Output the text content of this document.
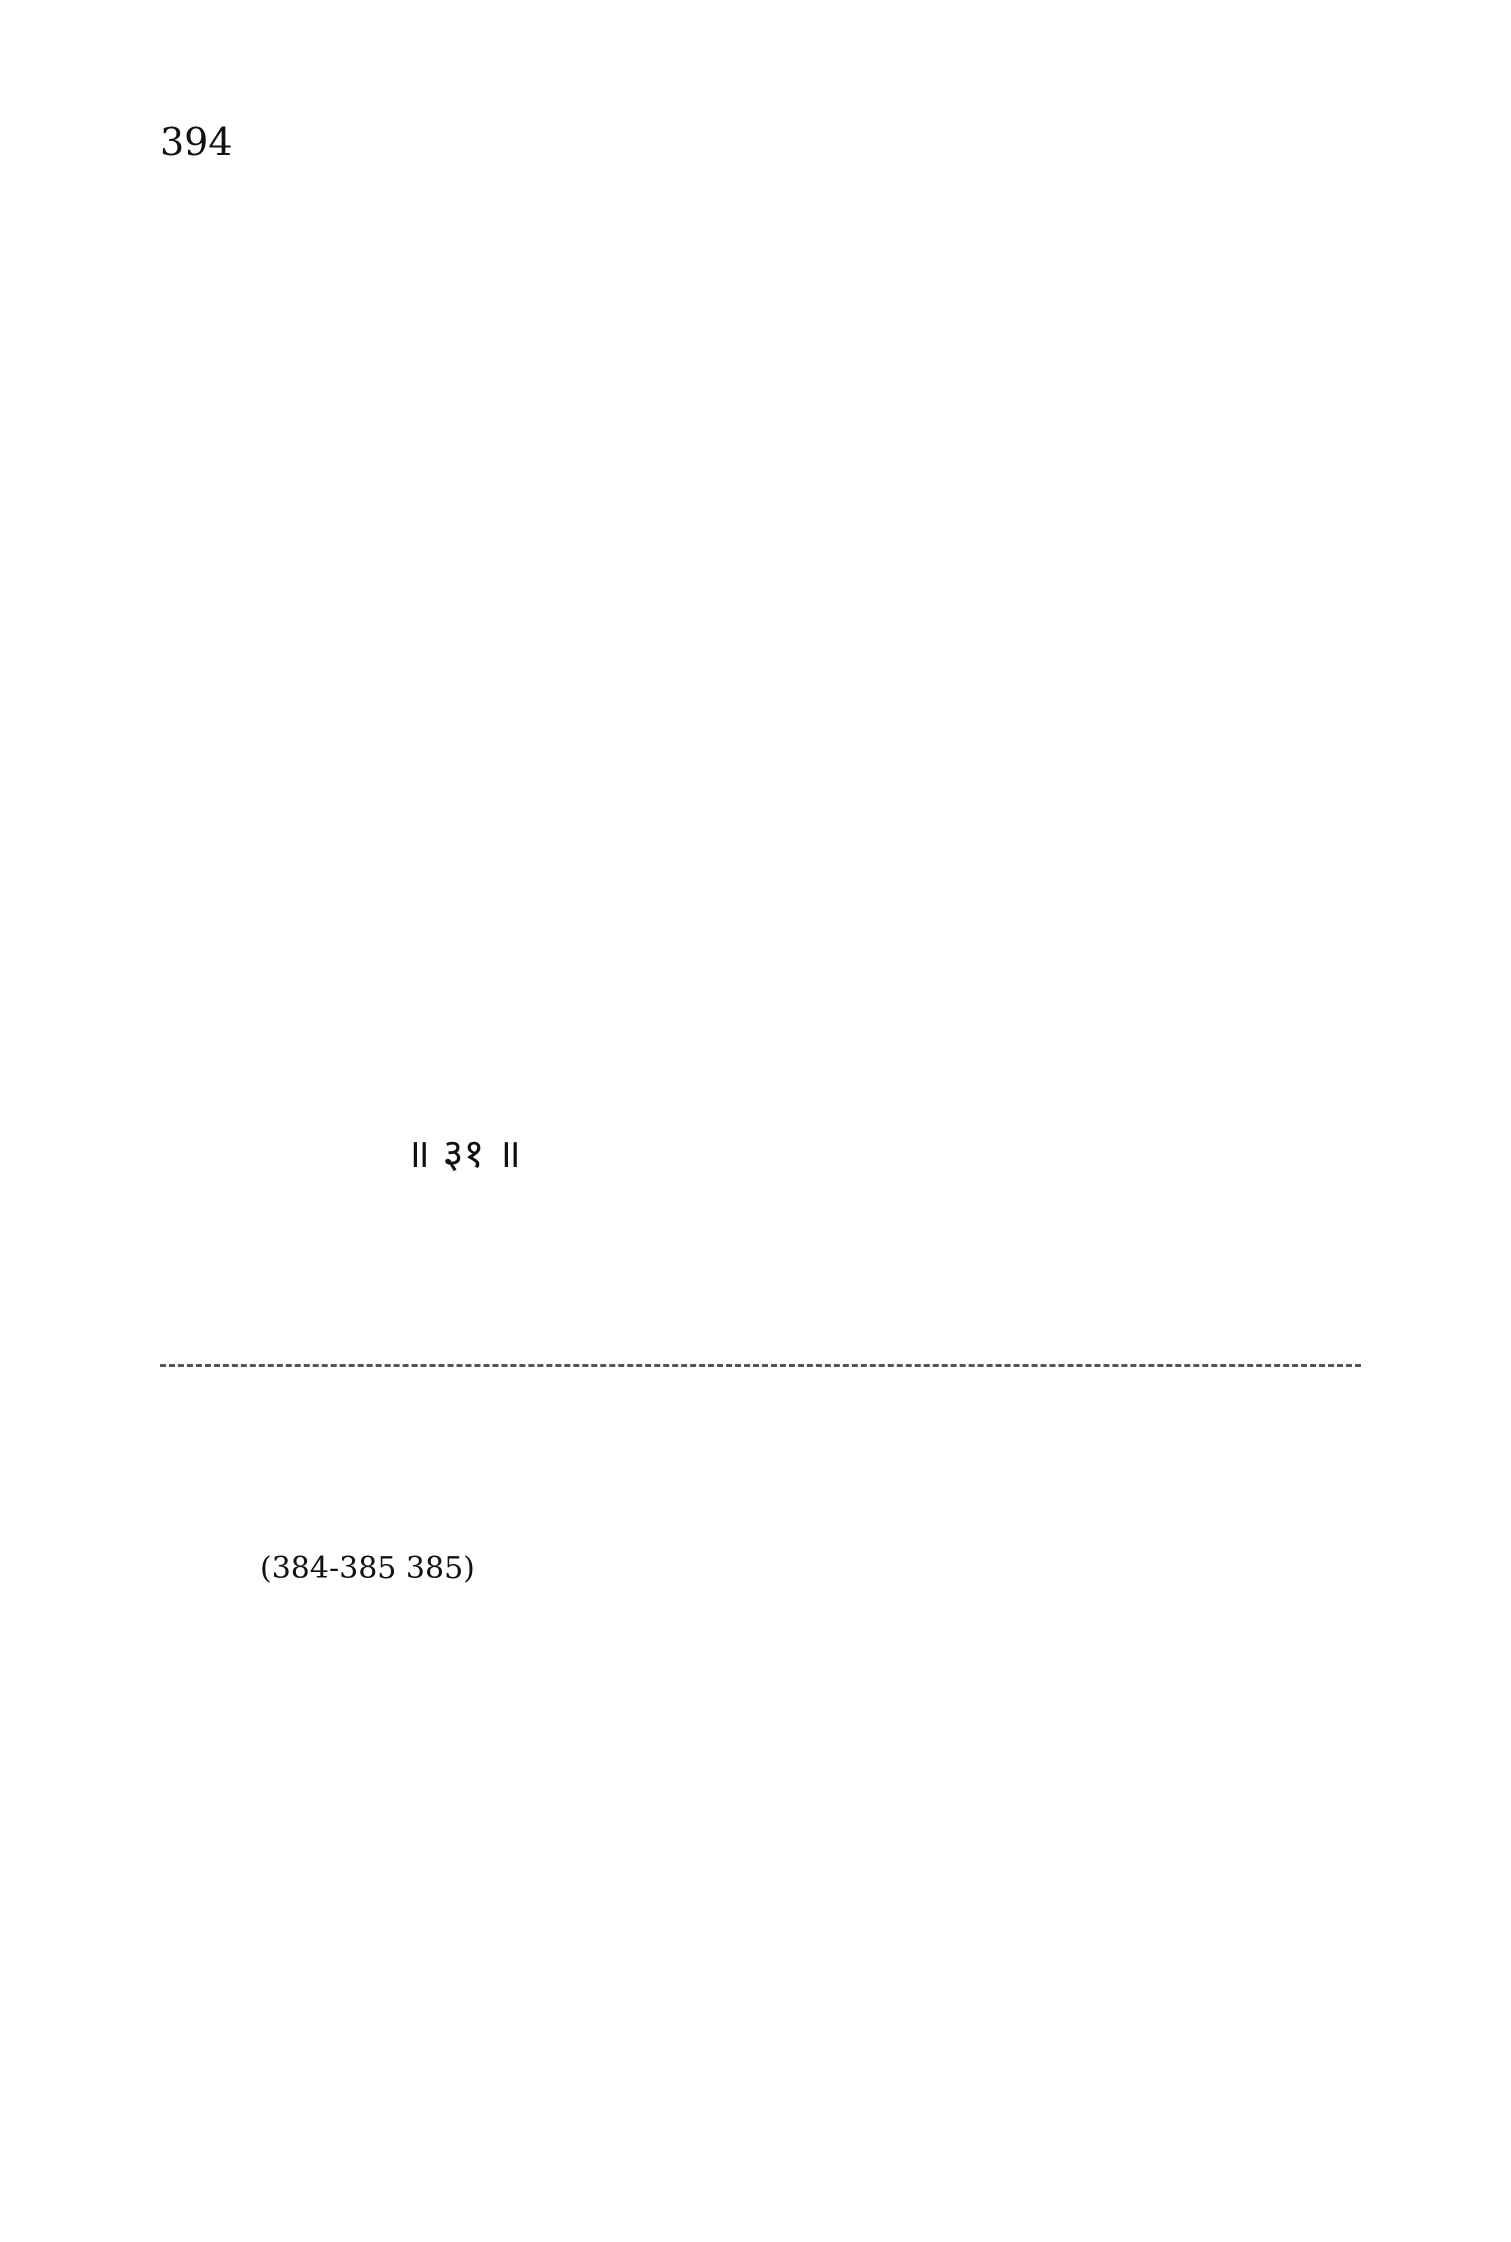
394
॥ ३१ ॥
(384-385 385)
